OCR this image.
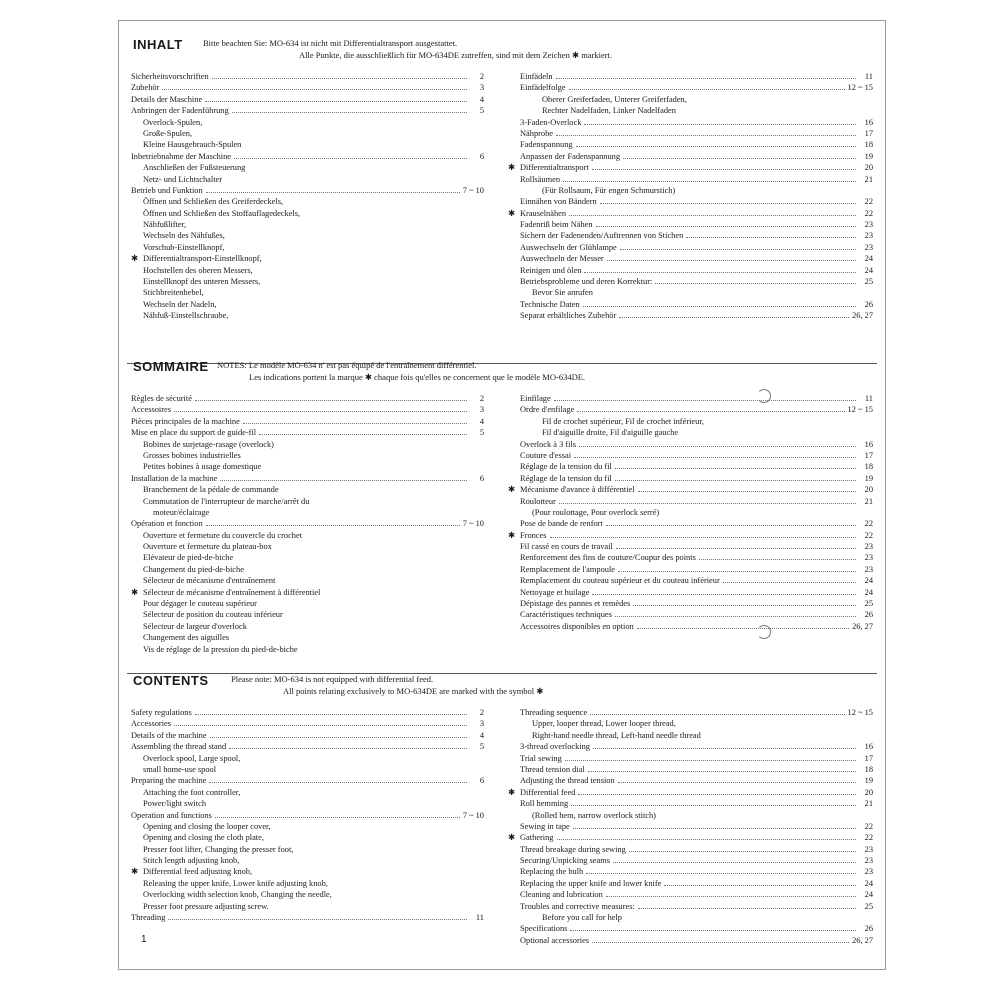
INHALT Bitte beachten Sie: MO-634 ist nicht mit Differentialtransport ausgestattet.
Alle Punkte, die ausschließlich für MO-634DE zutreffen, sind mit dem Zeichen ✱ markiert.
Sicherheitsvorschriften	2
Zubehör	3
Details der Maschine	4
Anbringen der Fadenführung	5
Overlock-Spulen,
Große-Spulen,
Kleine Hausgebrauch-Spulen
Inbetriebnahme der Maschine	6
Anschließen der Fußsteuerung
Netz- und Lichtschalter
Betrieb und Funktion	7 ~ 10
Öffnen und Schließen des Greiferdeckels,
Öffnen und Schließen des Stoffauflagedeckels,
Nähfußlifter,
Wechseln des Nähfußes,
Vorschub-Einstellknopf,
✱ Differentialtransport-Einstellknopf,
Hochstellen des oberen Messers,
Einstellknopf des unteren Messers,
Stichbreitenhebel,
Wechseln der Nadeln,
Nähfuß-Einstellschraube,
Einfädeln	11
Einfädelfolge	12 ~ 15
Oberer Greiferfaden, Unterer Greiferfaden,
Rechter Nadelfaden, Linker Nadelfaden
3-Faden-Overlock	16
Nähprobe	17
Fadenspannung	18
Anpassen der Fadenspannung	19
✱ Differentialtransport	20
Rollsäumen	21
(Für Rollsaum, Für engen Schmurstich)
Einnähen von Bändern	22
✱ Krauselnähen	22
Fadenriß beim Nähen	23
Sichern der Fadenenden/Auftrennen von Stichen	23
Auswechseln der Glühlampe	23
Auswechseln der Messer	24
Reinigen und ölen	24
Betriebsprobleme und deren Korrektur:	25
Bevor Sie anrufen
Technische Daten	26
Separat erhältliches Zubehör	26, 27
SOMMAIRE NOTES: Le modèle MO-634 n' est pas équipé de l'entraînement différentiel.
Les indications portent la marque ✱ chaque fois qu'elles ne concernent que le modèle MO-634DE.
Règles de sécurité	2
Accessoires	3
Pièces principales de la machine	4
Mise en place du support de guide-fil	5
Bobines de surjetage-rasage (overlock)
Grosses bobines industrielles
Petites bobines à usage domestique
Installation de la machine	6
Branchement de la pédale de commande
Commutation de l'interrupteur de marche/arrêt du
moteur/éclairage
Opération et fonction	7 ~ 10
Ouverture et fermeture du couvercle du crochet
Ouverture et fermeture du plateau-box
Elévateur de pied-de-biche
Changement du pied-de-biche
Sélecteur de mécanisme d'entraînement
✱ Sélecteur de mécanisme d'entraînement à différentiel
Pour dégager le couteau supérieur
Sélecteur de position du couteau inférieur
Sélecteur de largeur d'overlock
Changement des aiguilles
Vis de réglage de la pression du pied-de-biche
Einfilage	11
Ordre d'enfilage	12 ~ 15
Fil de crochet supérieur, Fil de crochet inférieur,
Fil d'aiguille droite, Fil d'aiguille gauche
Overlock à 3 fils	16
Couture d'essai	17
Réglage de la tension du fil	18
Réglage de la tension du fil	19
✱ Mécanisme d'avance à différentiel	20
Roulotteur	21
(Pour roulottage, Pour overlock serré)
Pose de bande de renfort	22
✱ Fronces	22
Fil cassé en cours de travail	23
Renforcement des fins de couture/Coupur des points	23
Remplacement de l'ampoule	23
Remplacement du couteau supérieur et du couteau inférieur	24
Nettoyage et huilage	24
Dépistage des pannes et remèdes	25
Caractéristiques techniques	26
Accessoires disponibles en option	26, 27
CONTENTS	Please note: MO-634 is not equipped with differential feed.
All points relating exclusively to MO-634DE are marked with the symbol ✱
Safety regulations	2
Accessories	3
Details of the machine	4
Assembling the thread stand	5
Overlock spool, Large spool,
small home-use spool
Preparing the machine	6
Attaching the foot controller,
Power/light switch
Operation and functions	7 ~ 10
Opening and closing the looper cover,
Opening and closing the cloth plate,
Presser foot lifter, Changing the presser foot,
Stitch length adjusting knob,
✱ Differential feed adjusting knob,
Releasing the upper knife, Lower knife adjusting knob,
Overlocking width selection knob, Changing the needle,
Presser foot pressure adjusting screw.
Threading	11
Threading sequence	12 ~ 15
Upper, looper thread, Lower looper thread,
Right-hand needle thread, Left-hand needle thread
3-thread overlocking	16
Trial sewing	17
Thread tension dial	18
Adjusting the thread tension	19
✱ Differential feed	20
Roll hemming	21
(Rolled hem, narrow overlock stitch)
Sewing in tape	22
✱ Gathering	22
Thread breakage during sewing	23
Securing/Unpicking seams	23
Replacing the bulb	23
Replacing the upper knife and lower knife	24
Cleaning and lubrication	24
Troubles and corrective measures:	25
Before you call for help
Specifications	26
Optional accessories	26, 27
1
